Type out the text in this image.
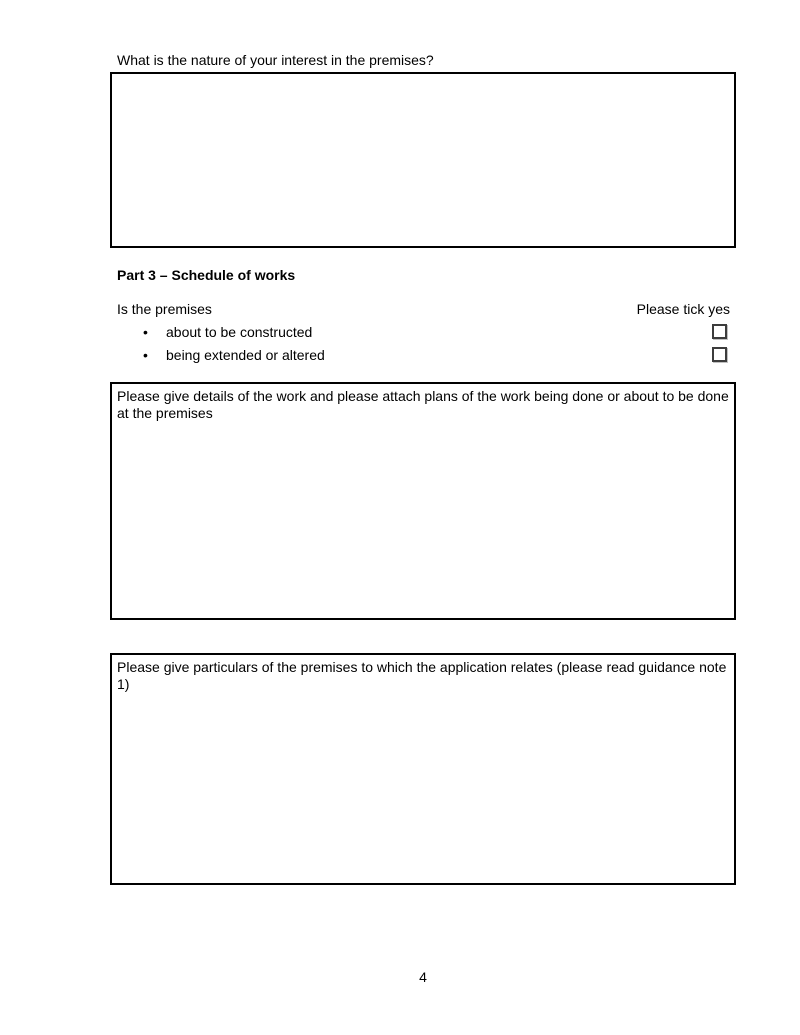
What is the nature of your interest in the premises?
Part 3 – Schedule of works
Is the premises	Please tick yes
• about to be constructed
• being extended or altered
Please give details of the work and please attach plans of the work being done or about to be done at the premises
Please give particulars of the premises to which the application relates (please read guidance note 1)
4
